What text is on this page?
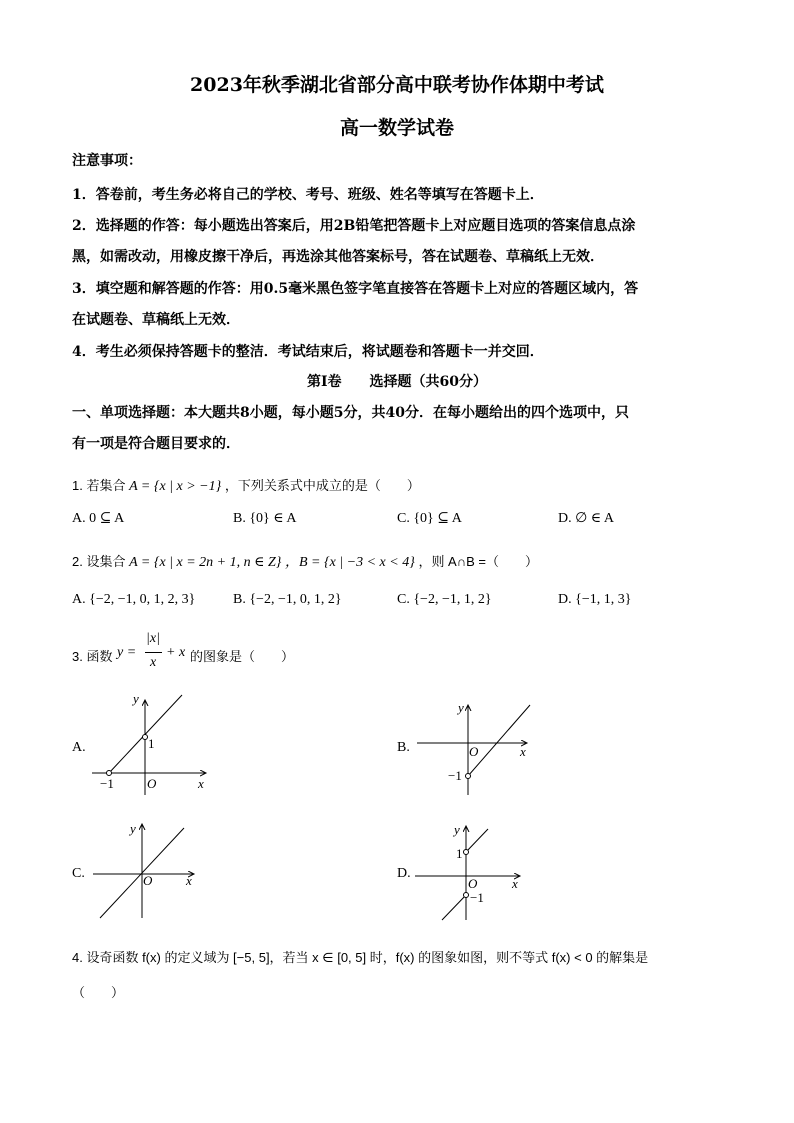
2023年秋季湖北省部分高中联考协作体期中考试
高一数学试卷
注意事项：
1．答卷前，考生务必将自己的学校、考号、班级、姓名等填写在答题卡上．
2．选择题的作答：每小题选出答案后，用2B铅笔把答题卡上对应题目选项的答案信息点涂
黑，如需改动，用橡皮擦干净后，再选涂其他答案标号，答在试题卷、草稿纸上无效．
3．填空题和解答题的作答：用0.5毫米黑色签字笔直接答在答题卡上对应的答题区域内，答
在试题卷、草稿纸上无效．
4．考生必须保持答题卡的整洁．考试结束后，将试题卷和答题卡一并交回．
第Ⅰ卷　　选择题（共60分）
一、单项选择题：本大题共8小题，每小题5分，共40分．在每小题给出的四个选项中，只
有一项是符合题目要求的．
1. 若集合 A = {x | x > −1} ，下列关系式中成立的是（　　）
A. 0 ⊆ A	B. {0} ∈ A	C. {0} ⊆ A	D. ∅ ∈ A
2. 设集合 A = {x | x = 2n + 1, n ∈ Z} ，B = {x | −3 < x < 4} ，则 A∩B =（　　）
A. {−2, −1, 0, 1, 2, 3}	B. {−2, −1, 0, 1, 2}	C. {−2, −1, 1, 2}	D. {−1, 1, 3}
3. 函数 y =
|x|
x
+ x 的图象是（　　）
A.	B.
C.	D.
y
x
O
1
−1
y
x
O
−1
y
x
O
y
x
O
1
−1
4. 设奇函数 f(x) 的定义域为 [−5, 5]，若当 x ∈ [0, 5] 时，f(x) 的图象如图，则不等式 f(x) < 0 的解集是
（　　）
